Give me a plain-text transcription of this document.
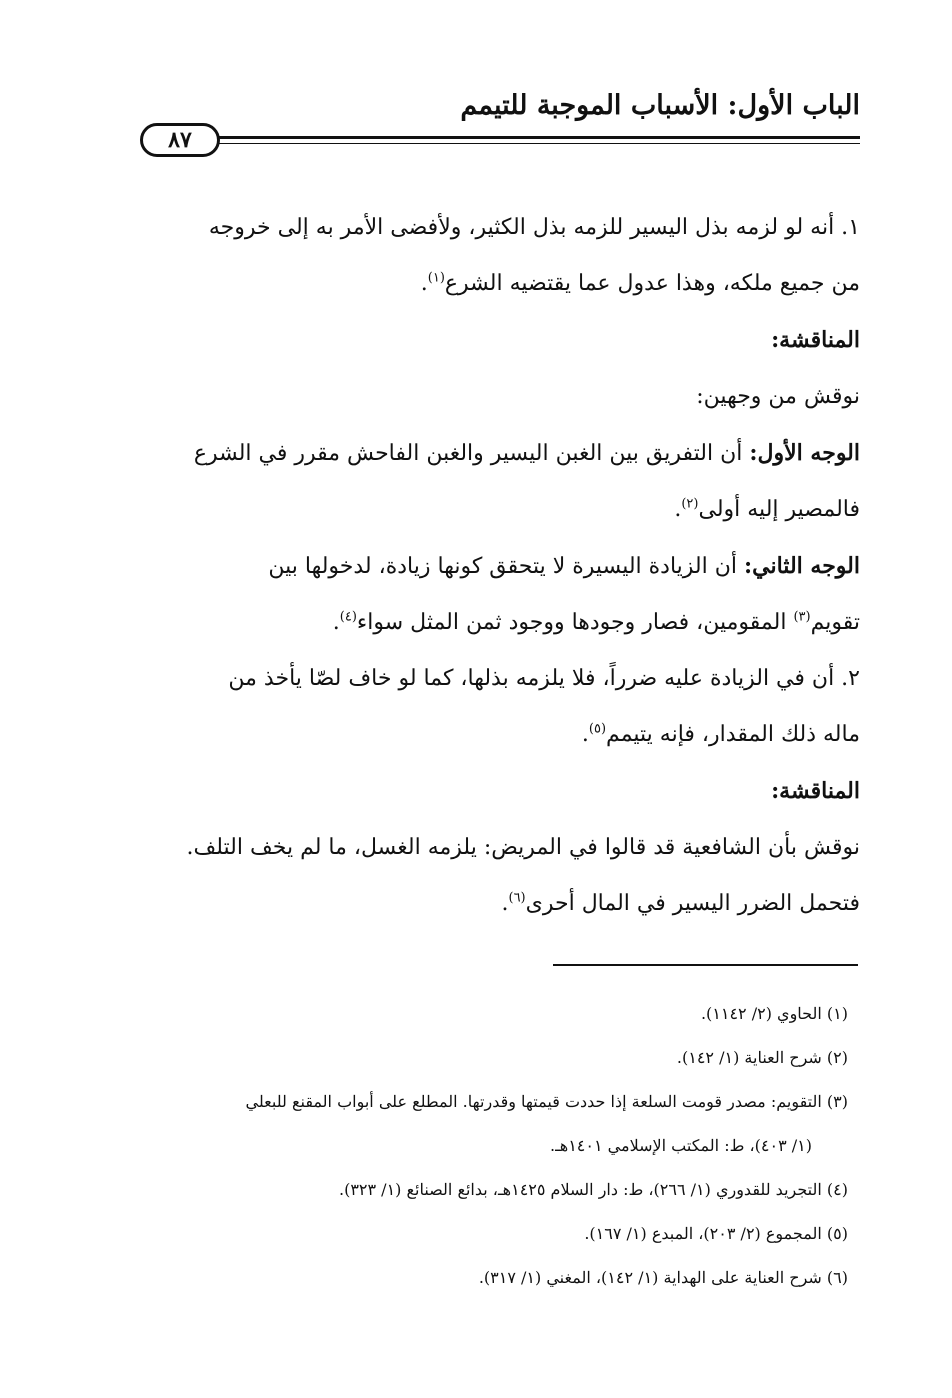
الباب الأول: الأسباب الموجبة للتيمم
٨٧

١. أنه لو لزمه بذل اليسير للزمه بذل الكثير، ولأفضى الأمر به إلى خروجه
من جميع ملكه، وهذا عدول عما يقتضيه الشرع$^{(١)}$.

المناقشة:

نوقش من وجهين:

الوجه الأول: أن التفريق بين الغبن اليسير والغبن الفاحش مقرر في الشرع
فالمصير إليه أولى$^{(٢)}$.

الوجه الثاني: أن الزيادة اليسيرة لا يتحقق كونها زيادة، لدخولها بين
تقويم$^{(٣)}$ المقومين، فصار وجودها ووجود ثمن المثل سواء$^{(٤)}$.

٢. أن في الزيادة عليه ضرراً، فلا يلزمه بذلها، كما لو خاف لصّا يأخذ من
ماله ذلك المقدار، فإنه يتيمم$^{(٥)}$.

المناقشة:

نوقش بأن الشافعية قد قالوا في المريض: يلزمه الغسل، ما لم يخف التلف.
فتحمل الضرر اليسير في المال أحرى$^{(٦)}$.

(١) الحاوي (٢/ ١١٤٢).

(٢) شرح العناية (١/ ١٤٢).

(٣) التقويم: مصدر قومت السلعة إذا حددت قيمتها وقدرتها. المطلع على أبواب المقنع للبعلي

(١/ ٤٠٣)، ط: المكتب الإسلامي ١٤٠١هـ.

(٤) التجريد للقدوري (١/ ٢٦٦)، ط: دار السلام ١٤٢٥هـ، بدائع الصنائع (١/ ٣٢٣).

(٥) المجموع (٢/ ٢٠٣)، المبدع (١/ ١٦٧).

(٦) شرح العناية على الهداية (١/ ١٤٢)، المغني (١/ ٣١٧).
